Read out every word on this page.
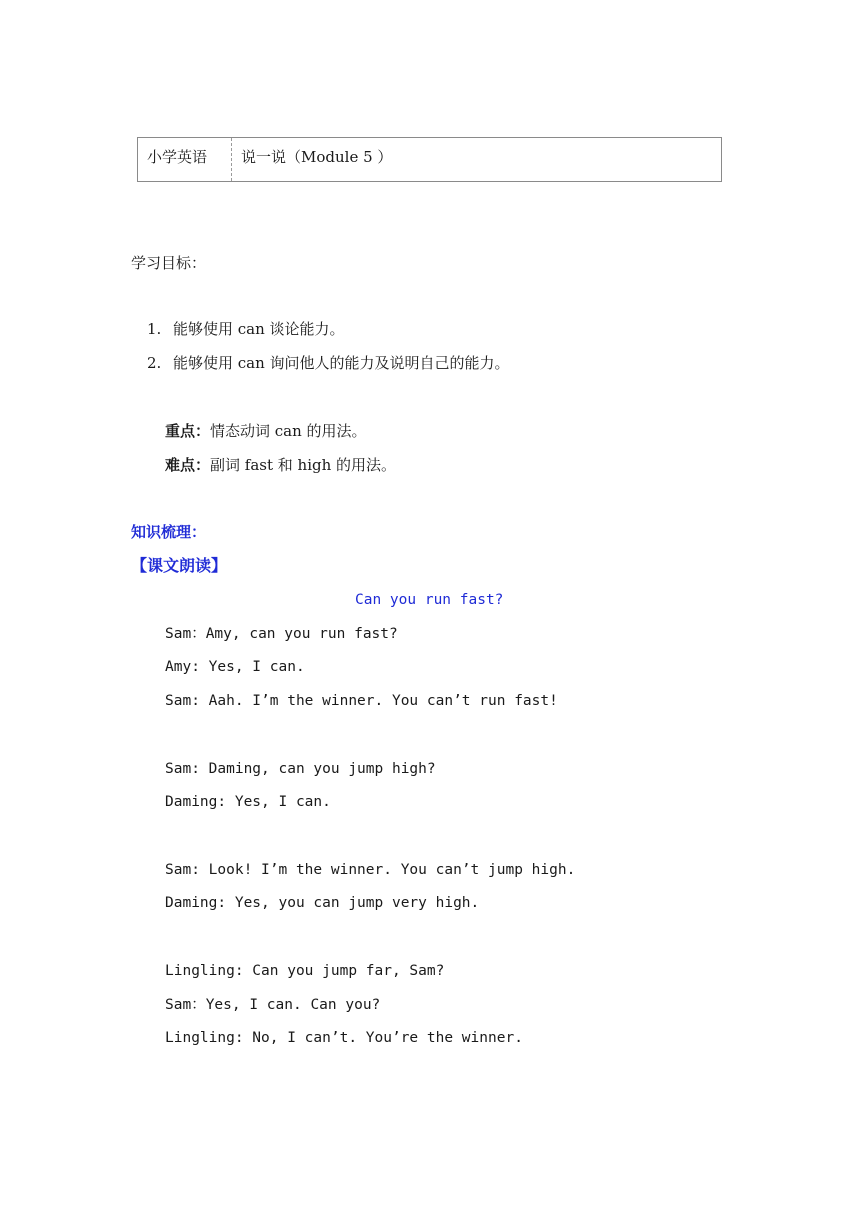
小学英语	说一说（Module 5 ）
学习目标：
1. 能够使用 can 谈论能力。
2. 能够使用 can 询问他人的能力及说明自己的能力。
重点：情态动词 can 的用法。
难点：副词 fast 和 high 的用法。
知识梳理：
【课文朗读】
Can you run fast?
Sam：Amy, can you run fast?
Amy: Yes, I can.
Sam: Aah. I’m the winner. You can’t run fast!
Sam: Daming, can you jump high?
Daming: Yes, I can.
Sam: Look! I’m the winner. You can’t jump high.
Daming: Yes, you can jump very high.
Lingling: Can you jump far, Sam?
Sam：Yes, I can. Can you?
Lingling: No, I can’t. You’re the winner.
